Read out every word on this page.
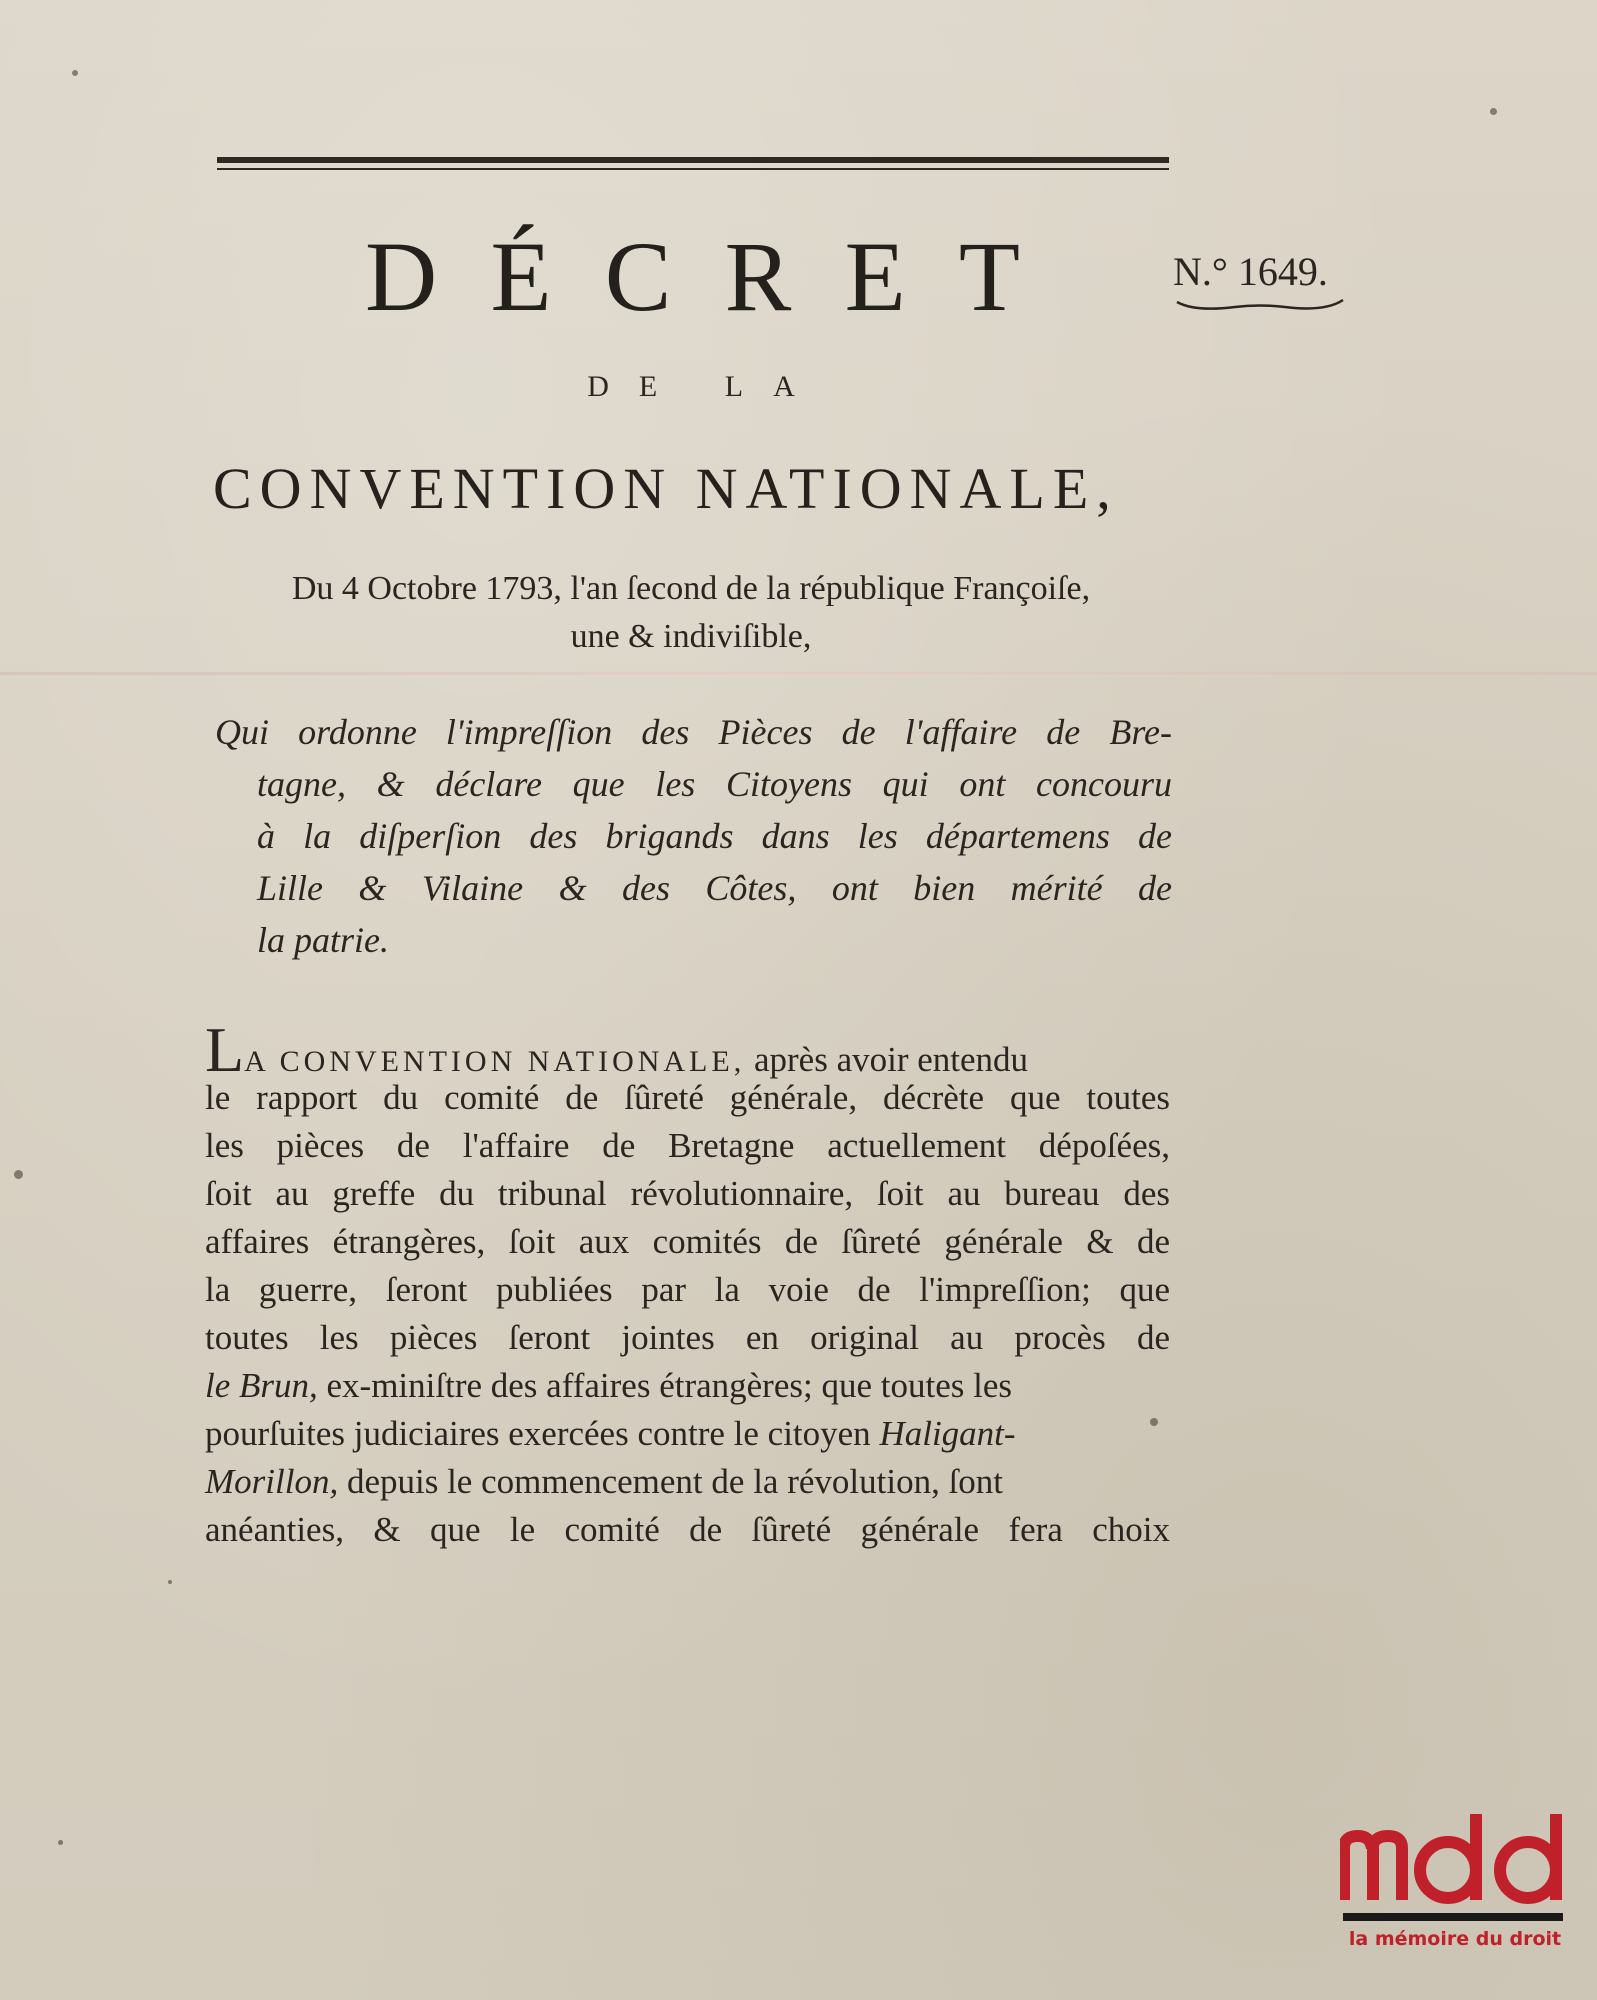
D É C R E T	N.° 1649.
DE LA
CONVENTION NATIONALE,
Du 4 Octobre 1793, l'an ſecond de la république Françoiſe,
une & indiviſible,
Qui ordonne l'impreſſion des Pièces de l'affaire de Bre-
tagne, & déclare que les Citoyens qui ont concouru
à la diſperſion des brigands dans les départemens de
Lille & Vilaine & des Côtes, ont bien mérité de
la patrie.
LA CONVENTION NATIONALE, après avoir entendu
le rapport du comité de ſûreté générale, décrète que toutes
les pièces de l'affaire de Bretagne actuellement dépoſées,
ſoit au greffe du tribunal révolutionnaire, ſoit au bureau des
affaires étrangères, ſoit aux comités de ſûreté générale & de
la guerre, ſeront publiées par la voie de l'impreſſion; que
toutes les pièces ſeront jointes en original au procès de
le Brun, ex-miniſtre des affaires étrangères; que toutes les
pourſuites judiciaires exercées contre le citoyen Haligant-
Morillon, depuis le commencement de la révolution, ſont
anéanties, & que le comité de ſûreté générale fera choix
la mémoire du droit
